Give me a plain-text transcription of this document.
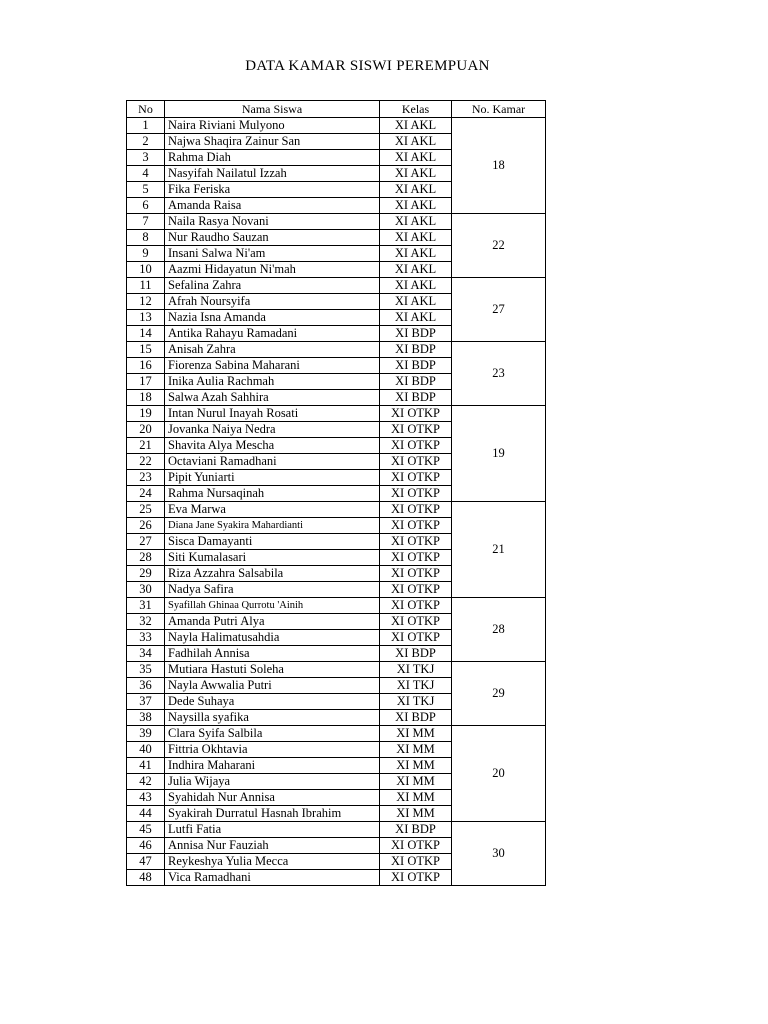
DATA KAMAR SISWI PEREMPUAN
No	Nama Siswa	Kelas	No. Kamar
1	Naira Riviani Mulyono	XI AKL	18
2	Najwa Shaqira Zainur San	XI AKL	
3	Rahma Diah	XI AKL	
4	Nasyifah Nailatul Izzah	XI AKL	
5	Fika Feriska	XI AKL	
6	Amanda Raisa	XI AKL	
7	Naila Rasya Novani	XI AKL	22
8	Nur Raudho Sauzan	XI AKL	
9	Insani Salwa Ni'am	XI AKL	
10	Aazmi Hidayatun Ni'mah	XI AKL	
11	Sefalina Zahra	XI AKL	27
12	Afrah Noursyifa	XI AKL	
13	Nazia Isna Amanda	XI AKL	
14	Antika Rahayu Ramadani	XI BDP	
15	Anisah Zahra	XI BDP	23
16	Fiorenza Sabina Maharani	XI BDP	
17	Inika Aulia Rachmah	XI BDP	
18	Salwa Azah Sahhira	XI BDP	
19	Intan Nurul Inayah Rosati	XI OTKP	19
20	Jovanka Naiya Nedra	XI OTKP	
21	Shavita Alya Mescha	XI OTKP	
22	Octaviani Ramadhani	XI OTKP	
23	Pipit Yuniarti	XI OTKP	
24	Rahma Nursaqinah	XI OTKP	
25	Eva Marwa	XI OTKP	21
26	Diana Jane Syakira Mahardianti	XI OTKP	
27	Sisca Damayanti	XI OTKP	
28	Siti Kumalasari	XI OTKP	
29	Riza Azzahra Salsabila	XI OTKP	
30	Nadya Safira	XI OTKP	
31	Syafillah Ghinaa Qurrotu 'Ainih	XI OTKP	28
32	Amanda Putri Alya	XI OTKP	
33	Nayla Halimatusahdia	XI OTKP	
34	Fadhilah Annisa	XI BDP	
35	Mutiara Hastuti Soleha	XI TKJ	29
36	Nayla Awwalia Putri	XI TKJ	
37	Dede Suhaya	XI TKJ	
38	Naysilla syafika	XI BDP	
39	Clara Syifa Salbila	XI MM	20
40	Fittria Okhtavia	XI MM	
41	Indhira Maharani	XI MM	
42	Julia Wijaya	XI MM	
43	Syahidah Nur Annisa	XI MM	
44	Syakirah Durratul Hasnah Ibrahim	XI MM	
45	Lutfi Fatia	XI BDP	30
46	Annisa Nur Fauziah	XI OTKP	
47	Reykeshya Yulia Mecca	XI OTKP	
48	Vica Ramadhani	XI OTKP	
